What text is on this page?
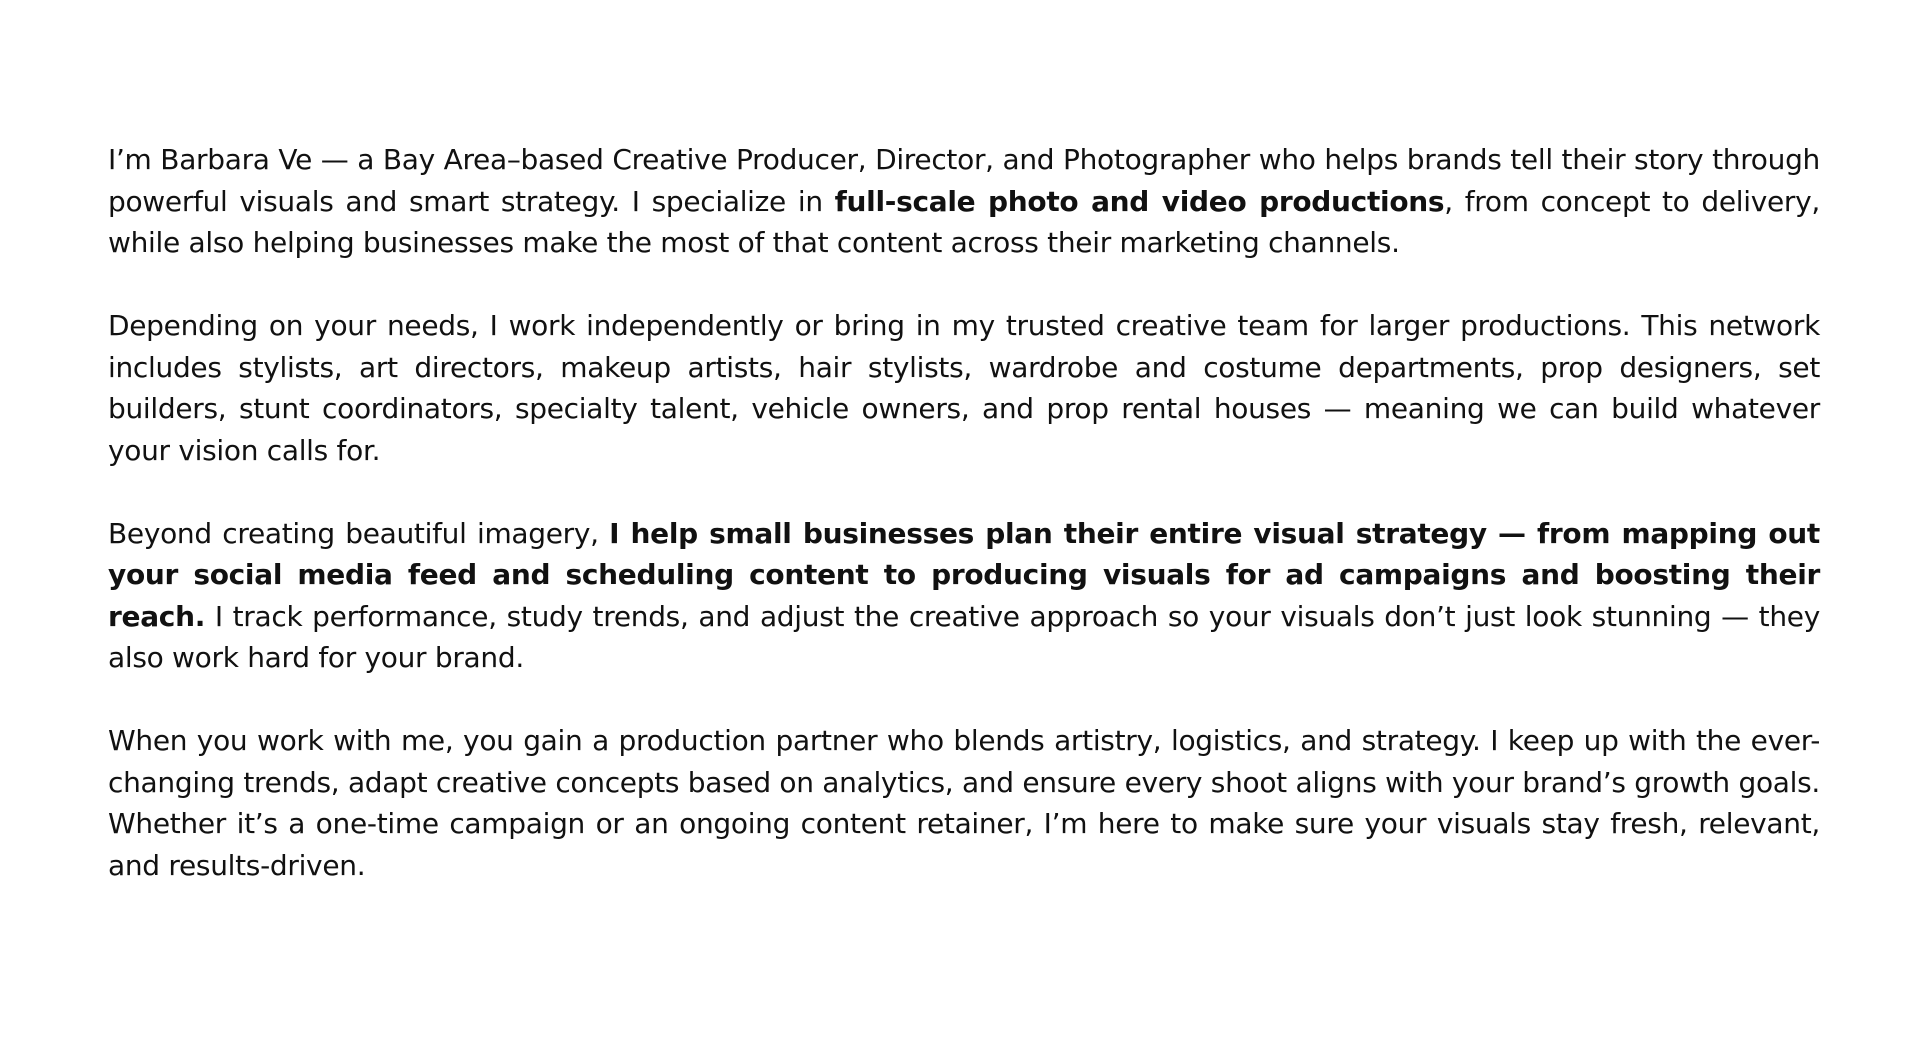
I’m Barbara Ve — a Bay Area–based Creative Producer, Director, and Photographer who helps brands tell their story through powerful visuals and smart strategy. I specialize in full-scale photo and video productions, from concept to delivery, while also helping businesses make the most of that content across their marketing channels.

Depending on your needs, I work independently or bring in my trusted creative team for larger productions. This network includes stylists, art directors, makeup artists, hair stylists, wardrobe and costume departments, prop designers, set builders, stunt coordinators, specialty talent, vehicle owners, and prop rental houses — meaning we can build whatever your vision calls for.

Beyond creating beautiful imagery, I help small businesses plan their entire visual strategy — from mapping out your social media feed and scheduling content to producing visuals for ad campaigns and boosting their reach. I track performance, study trends, and adjust the creative approach so your visuals don’t just look stunning — they also work hard for your brand.

When you work with me, you gain a production partner who blends artistry, logistics, and strategy. I keep up with the ever-changing trends, adapt creative concepts based on analytics, and ensure every shoot aligns with your brand’s growth goals. Whether it’s a one-time campaign or an ongoing content retainer, I’m here to make sure your visuals stay fresh, relevant, and results-driven.
